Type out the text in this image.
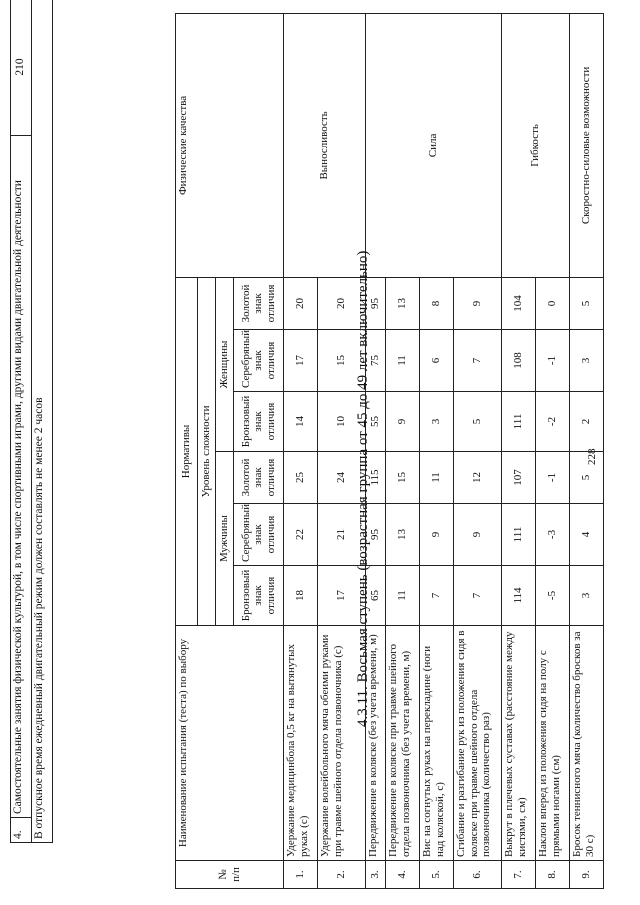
228
4.	Самостоятельные занятия физической культурой, в том числе спортивными играми, другими видами двигательной деятельности	210
В отпускное время ежедневный двигательный режим должен составлять не менее 2 часов	4.3.11. Восьмая ступень (возрастная группа от 45 до 49 лет включительно)
№ п/п	Наименование испытания (теста) по выбору	Нормативы						Физические качества
		Уровень сложности						
		Мужчины			Женщины			
		Бронзовый знак отличия	Серебряный знак отличия	Золотой знак отличия	Бронзовый знак отличия	Серебряный знак отличия	Золотой знак отличия	
1.	Удержание медицинбола 0,5 кг на вытянутых руках (с)	18	22	25	14	17	20	Выносливость
2.	Удержание волейбольного мяча обеими руками при травме шейного отдела позвоночника (с)	17	21	24	10	15	20	
3.	Передвижение в коляске (без учета времени, м)	65	95	115	55	75	95	Сила
4.	Передвижение в коляске при травме шейного отдела позвоночника (без учета времени, м)	11	13	15	9	11	13	
5.	Вис на согнутых руках на перекладине (ноги над коляской, с)	7	9	11	3	6	8	
6.	Сгибание и разгибание рук из положения сидя в коляске при травме шейного отдела позвоночника (количество раз)	7	9	12	5	7	9	
7.	Выкрут в плечевых суставах (расстояние между кистями, см)	114	111	107	111	108	104	Гибкость
8.	Наклон вперед из положения сидя на полу с прямыми ногами (см)	-5	-3	-1	-2	-1	0	
9.	Бросок теннисного мяча (количество бросков за 30 с)	3	4	5	2	3	5	Скоростно-силовые возможности
